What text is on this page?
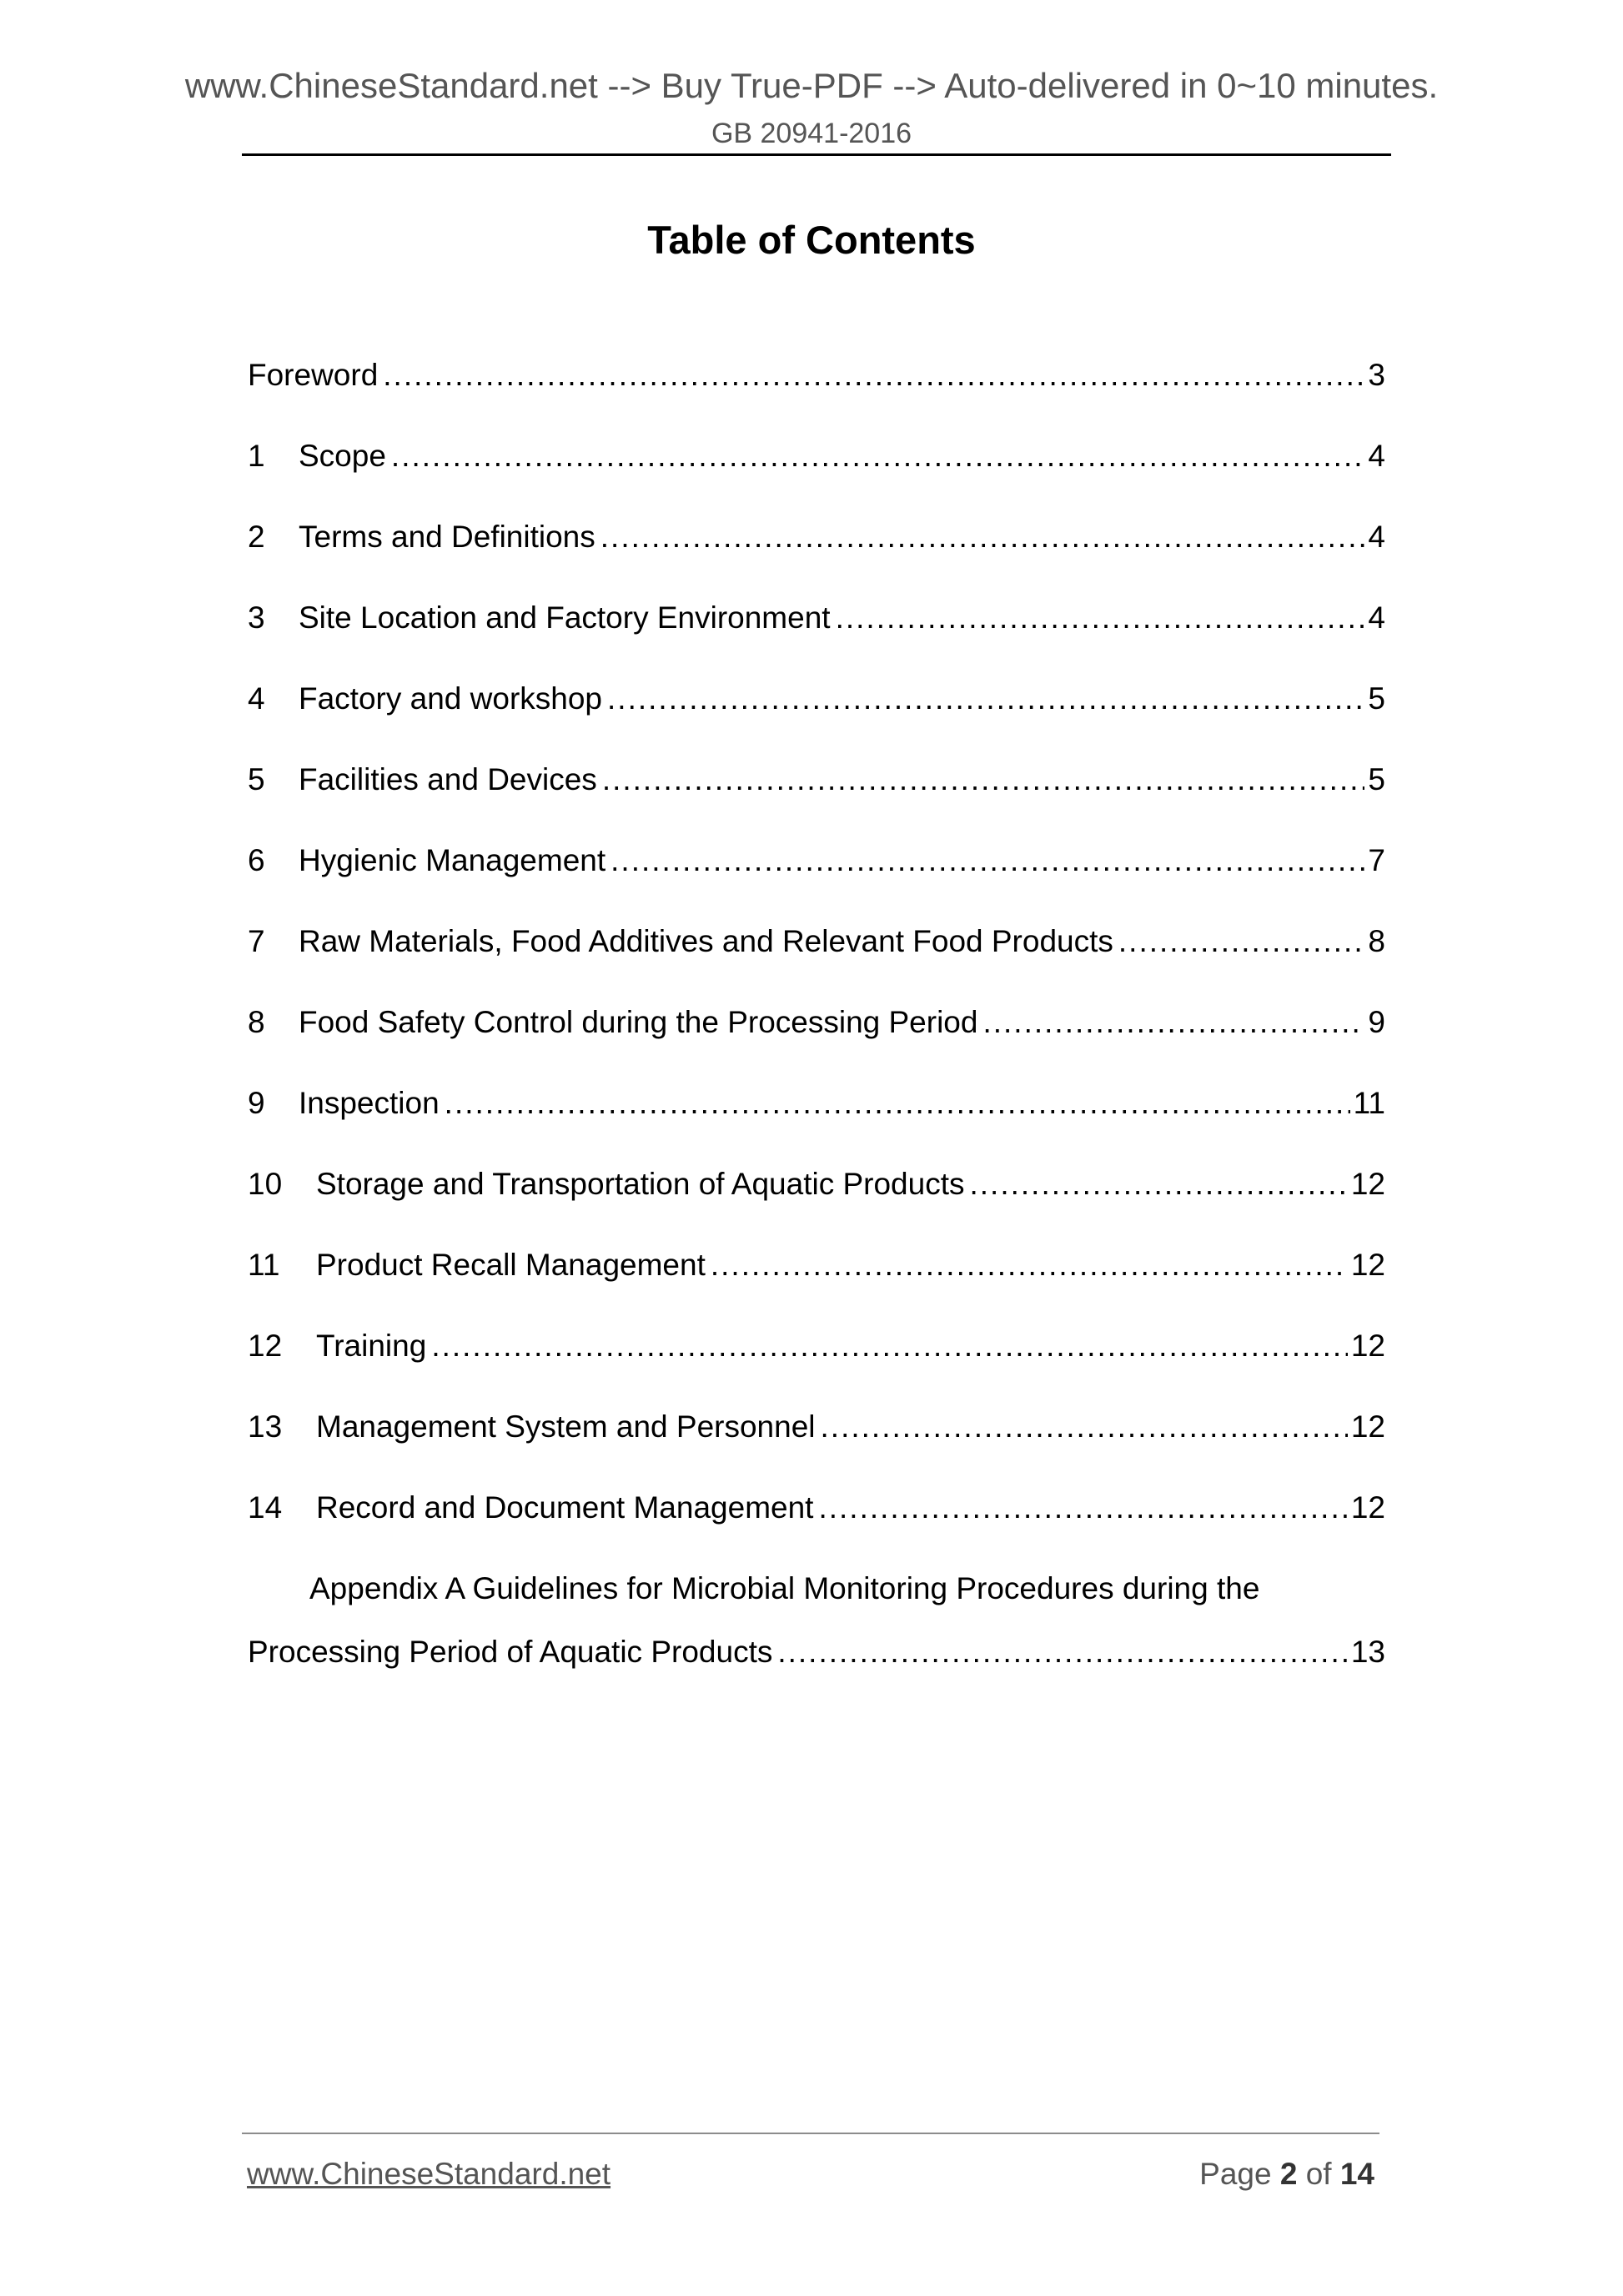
www.ChineseStandard.net --> Buy True-PDF --> Auto-delivered in 0~10 minutes.
GB 20941-2016
Table of Contents
Foreword .....	3
1	Scope .....	4
2	Terms and Definitions .....	4
3	Site Location and Factory Environment .....	4
4	Factory and workshop .....	5
5	Facilities and Devices .....	5
6	Hygienic Management .....	7
7	Raw Materials, Food Additives and Relevant Food Products .....	8
8	Food Safety Control during the Processing Period .....	9
9	Inspection .....	11
10	Storage and Transportation of Aquatic Products .....	12
11	Product Recall Management .....	12
12	Training .....	12
13	Management System and Personnel .....	12
14	Record and Document Management .....	12
Appendix A Guidelines for Microbial Monitoring Procedures during the
Processing Period of Aquatic Products .....	13
www.ChineseStandard.net	Page 2 of 14
